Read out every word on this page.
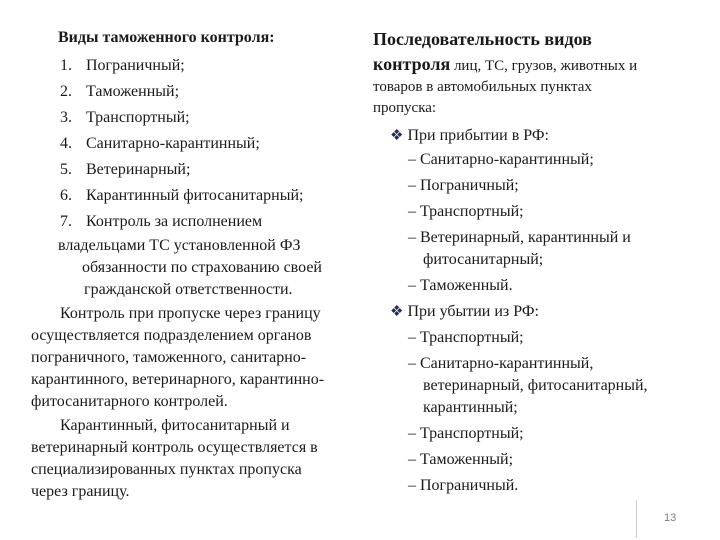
Виды таможенного контроля:
1. Пограничный;
2. Таможенный;
3. Транспортный;
4. Санитарно-карантинный;
5. Ветеринарный;
6. Карантинный фитосанитарный;
7. Контроль за исполнением
владельцами ТС установленной ФЗ
обязанности по страхованию своей
гражданской ответственности.
Контроль при пропуске через границу
осуществляется подразделением органов
пограничного, таможенного, санитарно-
карантинного, ветеринарного, карантинно-
фитосанитарного контролей.
Карантинный, фитосанитарный и
ветеринарный контроль осуществляется в
специализированных пунктах пропуска
через границу.
Последовательность видов
контроля лиц, ТС, грузов, животных и
товаров в автомобильных пунктах
пропуска:
❖ При прибытии в РФ:
– Санитарно-карантинный;
– Пограничный;
– Транспортный;
– Ветеринарный, карантинный и
фитосанитарный;
– Таможенный.
❖ При убытии из РФ:
– Транспортный;
– Санитарно-карантинный,
ветеринарный, фитосанитарный,
карантинный;
– Транспортный;
– Таможенный;
– Пограничный.
13
